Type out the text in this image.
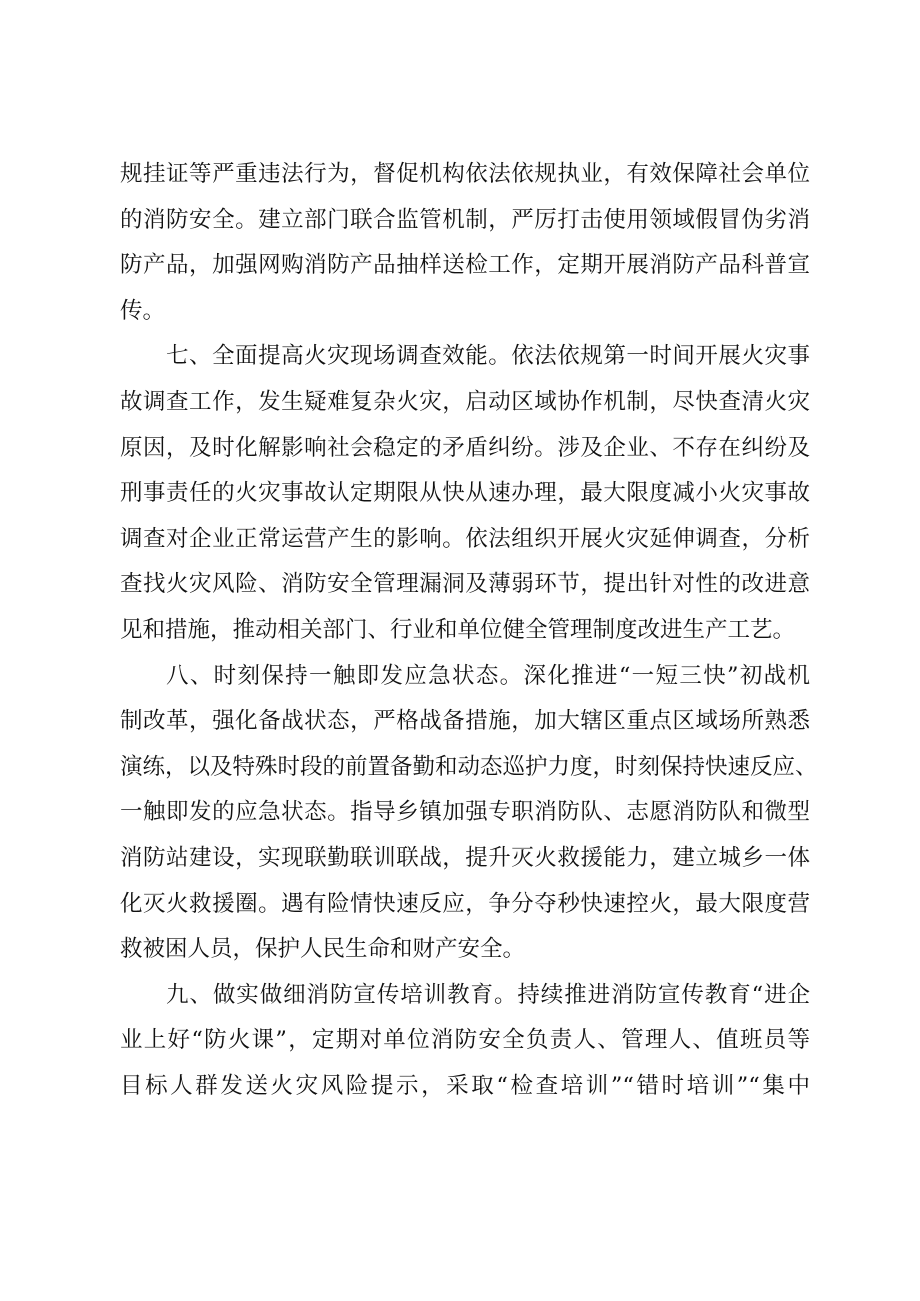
规挂证等严重违法行为，督促机构依法依规执业，有效保障社会单位
的消防安全。建立部门联合监管机制，严厉打击使用领域假冒伪劣消
防产品，加强网购消防产品抽样送检工作，定期开展消防产品科普宣
传。
七、全面提高火灾现场调查效能。依法依规第一时间开展火灾事
故调查工作，发生疑难复杂火灾，启动区域协作机制，尽快查清火灾
原因，及时化解影响社会稳定的矛盾纠纷。涉及企业、不存在纠纷及
刑事责任的火灾事故认定期限从快从速办理，最大限度减小火灾事故
调查对企业正常运营产生的影响。依法组织开展火灾延伸调查，分析
查找火灾风险、消防安全管理漏洞及薄弱环节，提出针对性的改进意
见和措施，推动相关部门、行业和单位健全管理制度改进生产工艺。
八、时刻保持一触即发应急状态。深化推进“一短三快”初战机
制改革，强化备战状态，严格战备措施，加大辖区重点区域场所熟悉
演练，以及特殊时段的前置备勤和动态巡护力度，时刻保持快速反应、
一触即发的应急状态。指导乡镇加强专职消防队、志愿消防队和微型
消防站建设，实现联勤联训联战，提升灭火救援能力，建立城乡一体
化灭火救援圈。遇有险情快速反应，争分夺秒快速控火，最大限度营
救被困人员，保护人民生命和财产安全。
九、做实做细消防宣传培训教育。持续推进消防宣传教育“进企
业上好“防火课”，定期对单位消防安全负责人、管理人、值班员等
目标人群发送火灾风险提示，采取“检查培训”“错时培训”“集中
